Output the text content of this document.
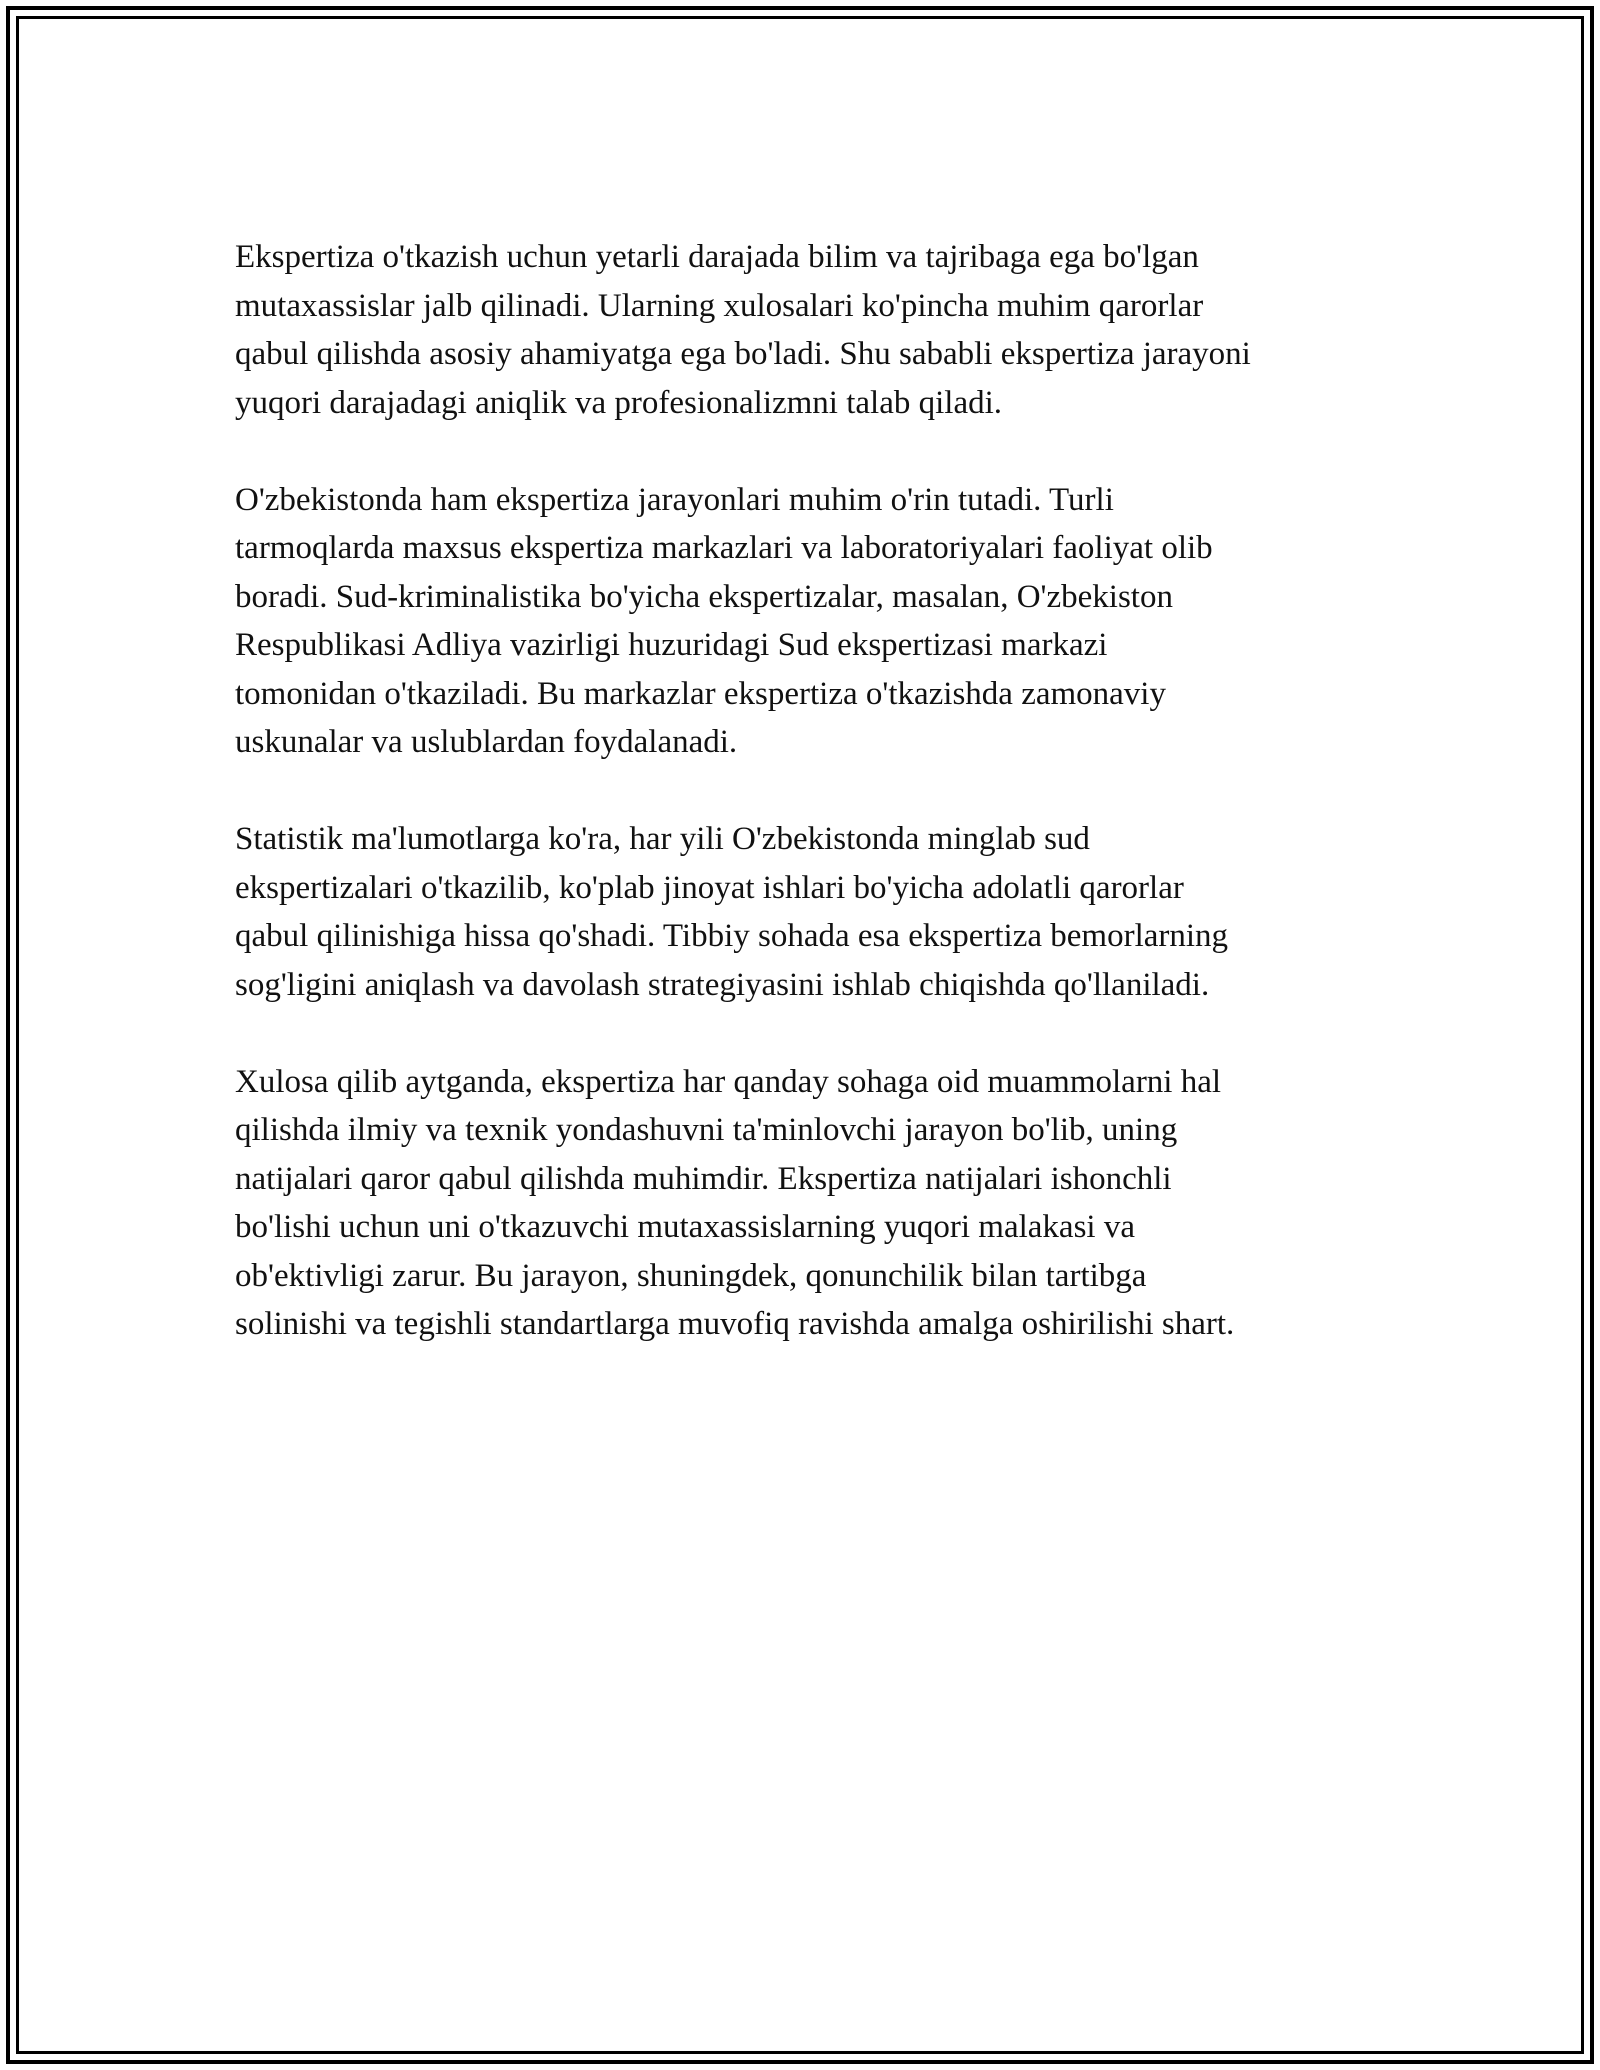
Ekspertiza o'tkazish uchun yetarli darajada bilim va tajribaga ega bo'lgan
mutaxassislar jalb qilinadi. Ularning xulosalari ko'pincha muhim qarorlar
qabul qilishda asosiy ahamiyatga ega bo'ladi. Shu sababli ekspertiza jarayoni
yuqori darajadagi aniqlik va profesionalizmni talab qiladi.

O'zbekistonda ham ekspertiza jarayonlari muhim o'rin tutadi. Turli
tarmoqlarda maxsus ekspertiza markazlari va laboratoriyalari faoliyat olib
boradi. Sud-kriminalistika bo'yicha ekspertizalar, masalan, O'zbekiston
Respublikasi Adliya vazirligi huzuridagi Sud ekspertizasi markazi
tomonidan o'tkaziladi. Bu markazlar ekspertiza o'tkazishda zamonaviy
uskunalar va uslublardan foydalanadi.

Statistik ma'lumotlarga ko'ra, har yili O'zbekistonda minglab sud
ekspertizalari o'tkazilib, ko'plab jinoyat ishlari bo'yicha adolatli qarorlar
qabul qilinishiga hissa qo'shadi. Tibbiy sohada esa ekspertiza bemorlarning
sog'ligini aniqlash va davolash strategiyasini ishlab chiqishda qo'llaniladi.

Xulosa qilib aytganda, ekspertiza har qanday sohaga oid muammolarni hal
qilishda ilmiy va texnik yondashuvni ta'minlovchi jarayon bo'lib, uning
natijalari qaror qabul qilishda muhimdir. Ekspertiza natijalari ishonchli
bo'lishi uchun uni o'tkazuvchi mutaxassislarning yuqori malakasi va
ob'ektivligi zarur. Bu jarayon, shuningdek, qonunchilik bilan tartibga
solinishi va tegishli standartlarga muvofiq ravishda amalga oshirilishi shart.
